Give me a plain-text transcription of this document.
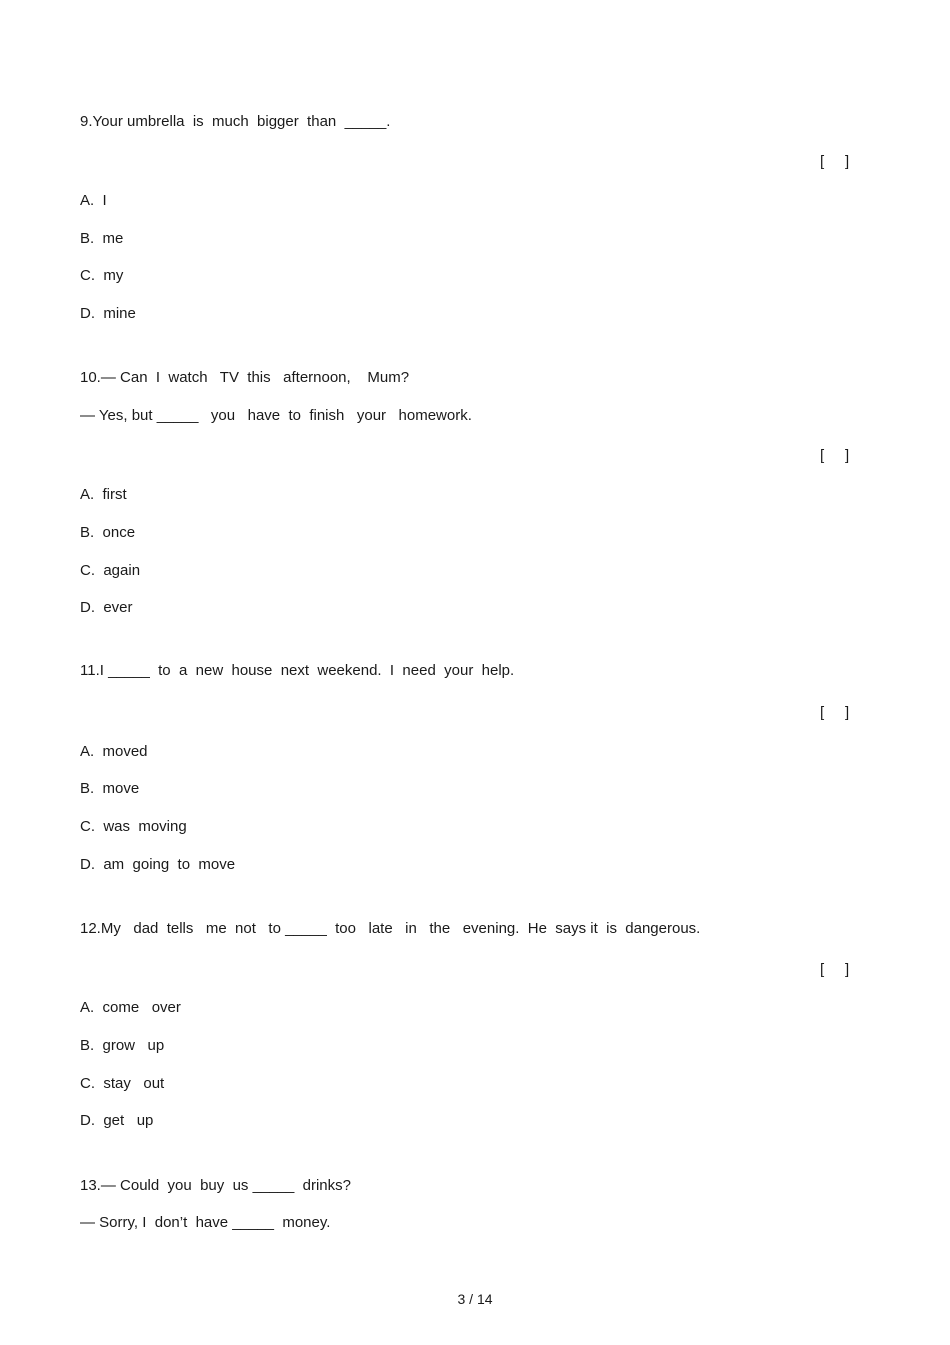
9.Your umbrella  is  much  bigger  than  _____.
[     ]
A.  I
B.  me
C.  my
D.  mine
10.— Can  I  watch   TV  this   afternoon,    Mum?
— Yes, but _____   you   have  to  finish   your   homework.
[     ]
A.  first
B.  once
C.  again
D.  ever
11.I _____  to  a  new  house  next  weekend.  I  need  your  help.
[     ]
A.  moved
B.  move
C.  was  moving
D.  am  going  to  move
12.My   dad  tells   me  not   to _____  too   late   in   the   evening.  He  says it  is  dangerous.
[     ]
A.  come   over
B.  grow   up
C.  stay   out
D.  get   up
13.— Could  you  buy  us _____  drinks?
— Sorry, I  don’t  have _____  money.
3 / 14
